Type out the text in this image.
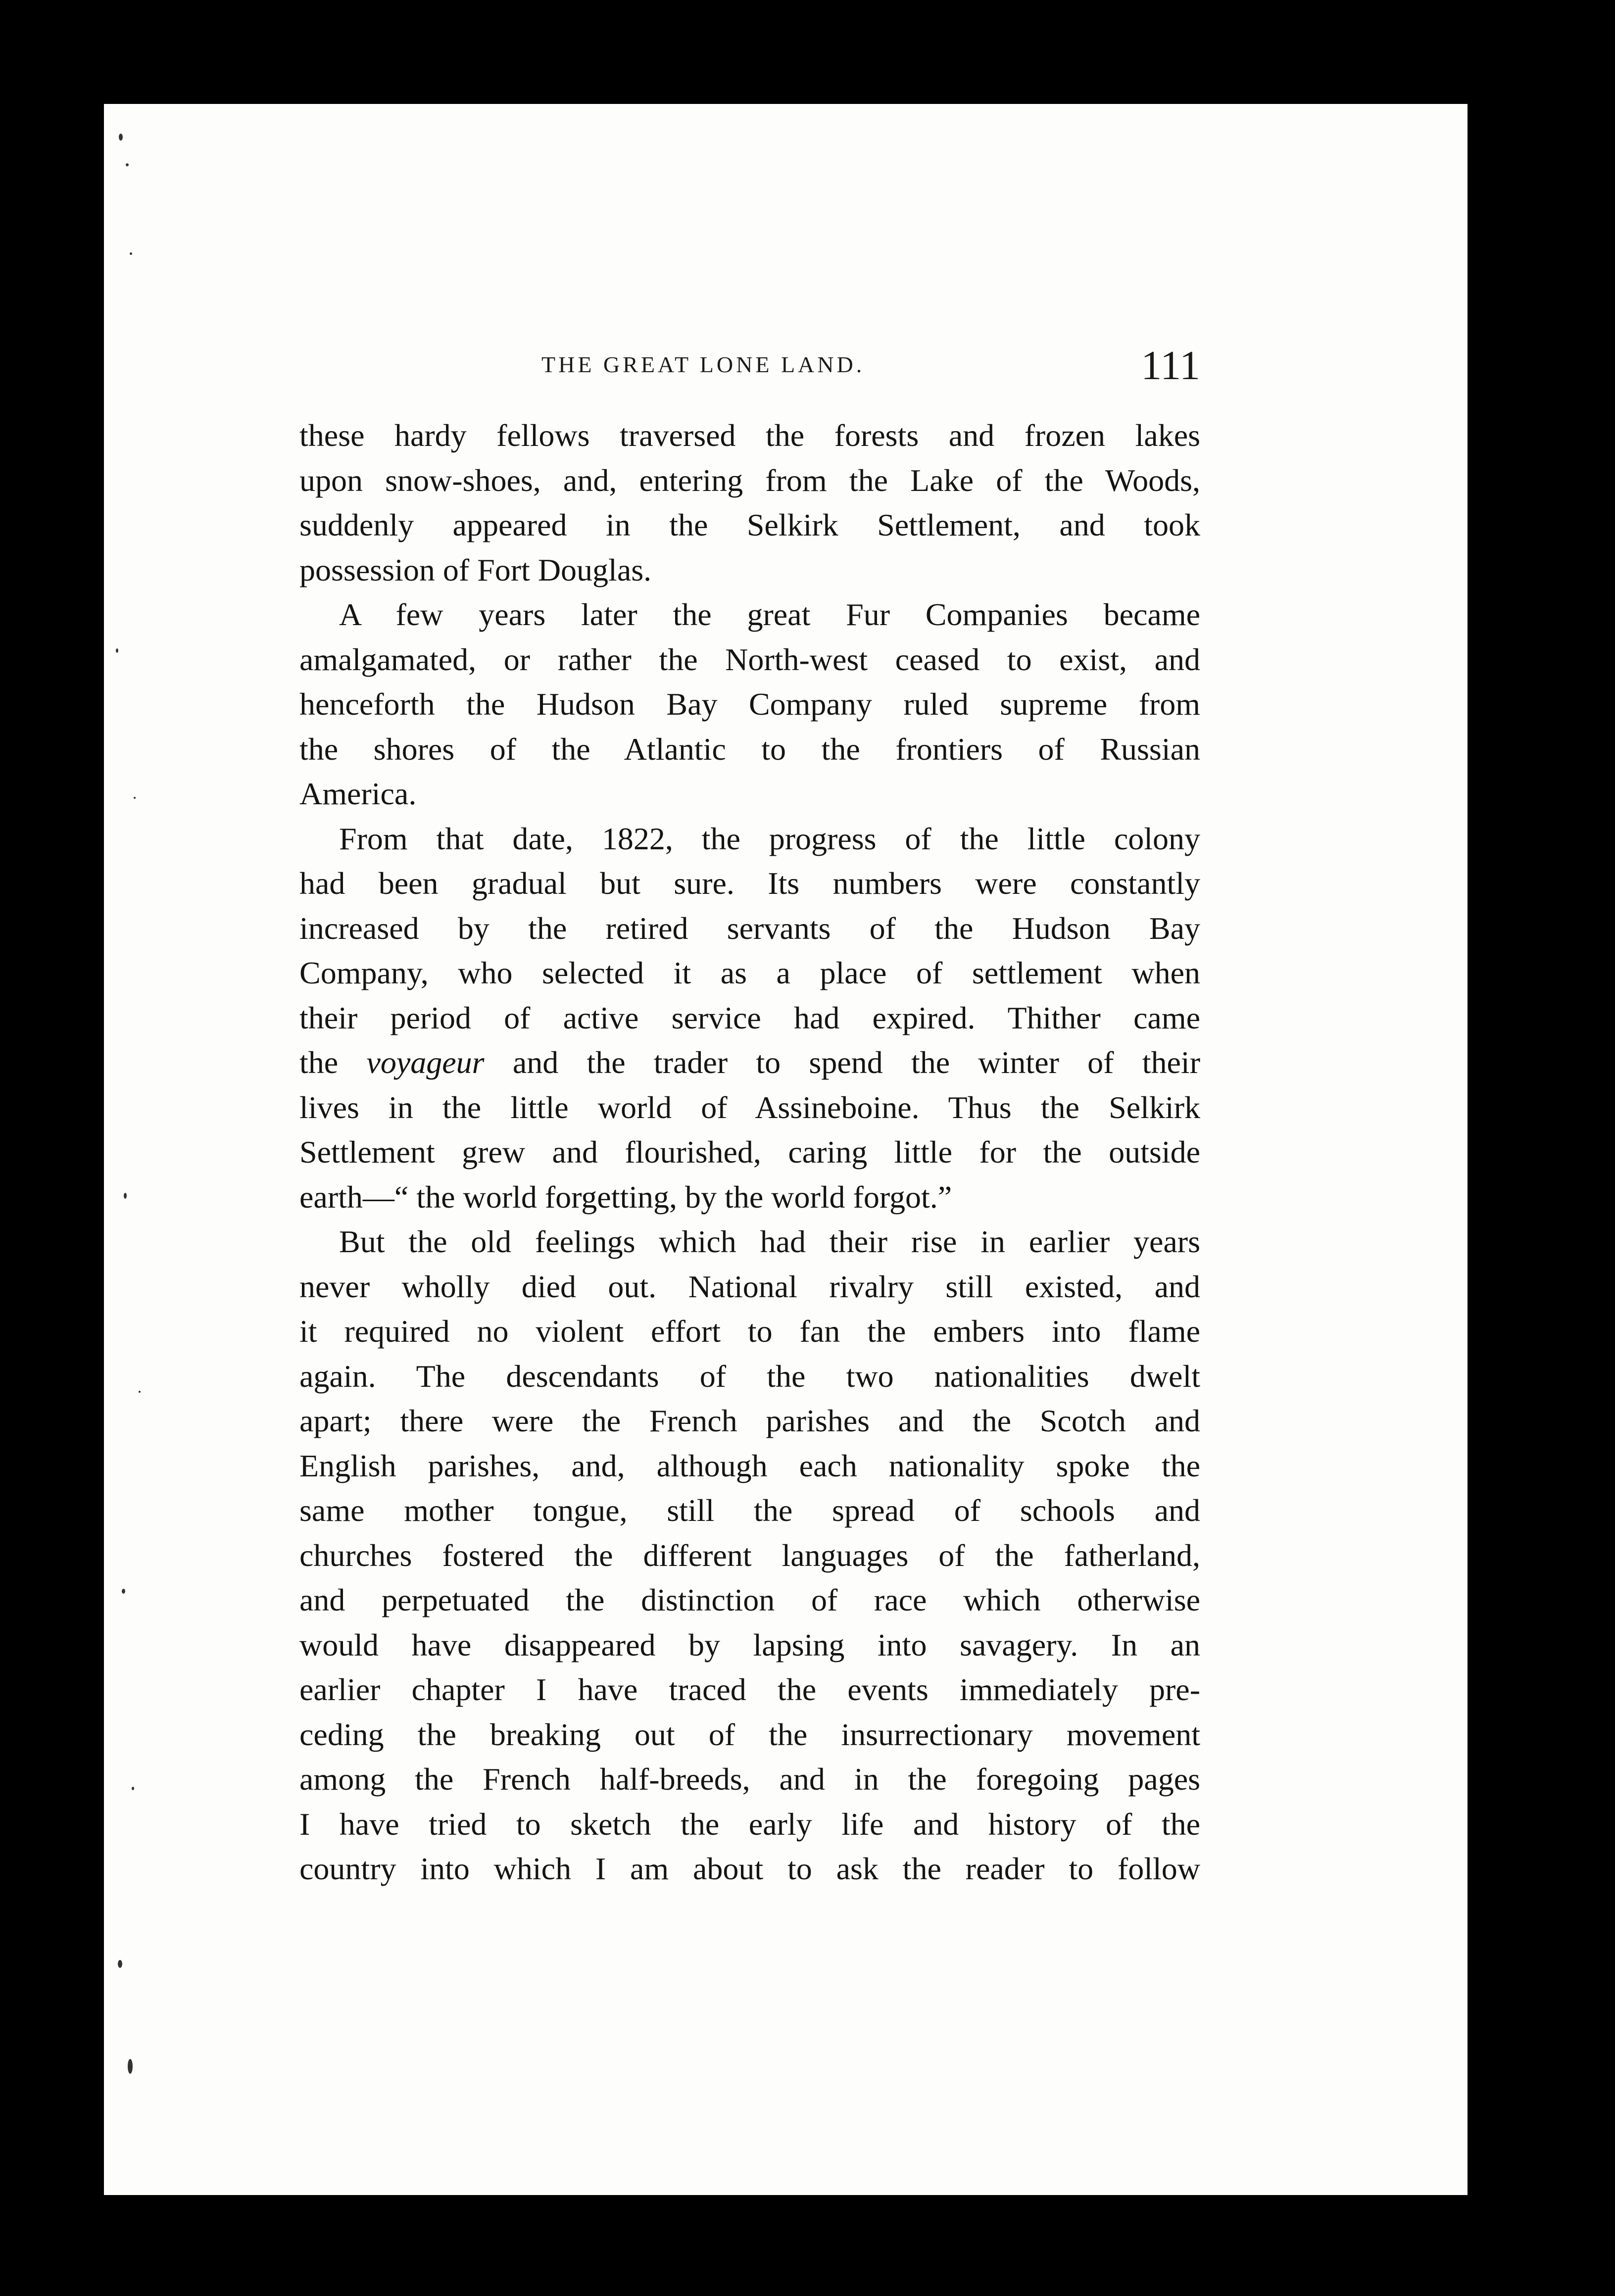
THE GREAT LONE LAND.	111

these hardy fellows traversed the forests and frozen lakes

upon snow-shoes, and, entering from the Lake of the Woods,

suddenly appeared in the Selkirk Settlement, and took

possession of Fort Douglas.

A few years later the great Fur Companies became

amalgamated, or rather the North-west ceased to exist, and

henceforth the Hudson Bay Company ruled supreme from

the shores of the Atlantic to the frontiers of Russian

America.

From that date, 1822, the progress of the little colony

had been gradual but sure. Its numbers were constantly

increased by the retired servants of the Hudson Bay

Company, who selected it as a place of settlement when

their period of active service had expired. Thither came

the voyageur and the trader to spend the winter of their

lives in the little world of Assineboine. Thus the Selkirk

Settlement grew and flourished, caring little for the outside

earth—“ the world forgetting, by the world forgot.”

But the old feelings which had their rise in earlier years

never wholly died out. National rivalry still existed, and

it required no violent effort to fan the embers into flame

again. The descendants of the two nationalities dwelt

apart; there were the French parishes and the Scotch and

English parishes, and, although each nationality spoke the

same mother tongue, still the spread of schools and

churches fostered the different languages of the fatherland,

and perpetuated the distinction of race which otherwise

would have disappeared by lapsing into savagery. In an

earlier chapter I have traced the events immediately pre-

ceding the breaking out of the insurrectionary movement

among the French half-breeds, and in the foregoing pages

I have tried to sketch the early life and history of the

country into which I am about to ask the reader to follow
